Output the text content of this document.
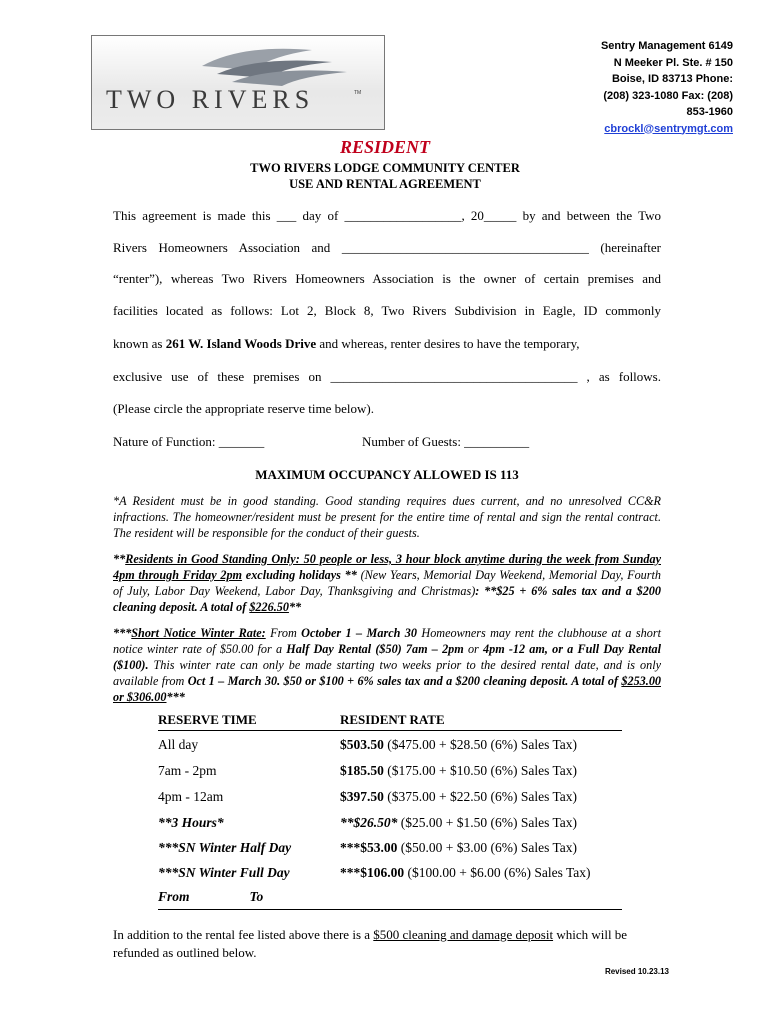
TWO RIVERS	TM
Sentry Management 6149
N Meeker Pl. Ste. # 150
Boise, ID 83713 Phone:
(208) 323-1080 Fax: (208)
853-1960
cbrockl@sentrymgt.com
RESIDENT
TWO RIVERS LODGE COMMUNITY CENTER
USE AND RENTAL AGREEMENT
This agreement is made this ___ day of __________________, 20_____ by and between the Two
Rivers Homeowners Association and ______________________________________ (hereinafter
“renter”), whereas Two Rivers Homeowners Association is the owner of certain premises and
facilities located as follows: Lot 2, Block 8, Two Rivers Subdivision in Eagle, ID commonly
known as 261 W. Island Woods Drive and whereas, renter desires to have the temporary,
exclusive use of these premises on ______________________________________ , as follows.
(Please circle the appropriate reserve time below).
Nature of Function: _______	Number of Guests: __________
MAXIMUM OCCUPANCY ALLOWED IS 113
*A Resident must be in good standing. Good standing requires dues current, and no unresolved CC&R infractions. The homeowner/resident must be present for the entire time of rental and sign the rental contract. The resident will be responsible for the conduct of their guests.
**Residents in Good Standing Only: 50 people or less, 3 hour block anytime during the week from Sunday 4pm through Friday 2pm excluding holidays ** (New Years, Memorial Day Weekend, Memorial Day, Fourth of July, Labor Day Weekend, Labor Day, Thanksgiving and Christmas): **$25 + 6% sales tax and a $200 cleaning deposit. A total of $226.50**
***Short Notice Winter Rate: From October 1 – March 30 Homeowners may rent the clubhouse at a short notice winter rate of $50.00 for a Half Day Rental ($50) 7am – 2pm or 4pm -12 am, or a Full Day Rental ($100). This winter rate can only be made starting two weeks prior to the desired rental date, and is only available from Oct 1 – March 30. $50 or $100 + 6% sales tax and a $200 cleaning deposit. A total of $253.00 or $306.00***
RESERVE TIME	RESIDENT RATE
All day	$503.50 ($475.00 + $28.50 (6%) Sales Tax)
7am - 2pm	$185.50 ($175.00 + $10.50 (6%) Sales Tax)
4pm - 12am	$397.50 ($375.00 + $22.50 (6%) Sales Tax)
**3 Hours*	**$26.50* ($25.00 + $1.50 (6%) Sales Tax)
***SN Winter Half Day	***$53.00 ($50.00 + $3.00 (6%) Sales Tax)
***SN Winter Full Day	***$106.00 ($100.00 + $6.00 (6%) Sales Tax)
From To	
In addition to the rental fee listed above there is a $500 cleaning and damage deposit which will be refunded as outlined below.
Revised 10.23.13
